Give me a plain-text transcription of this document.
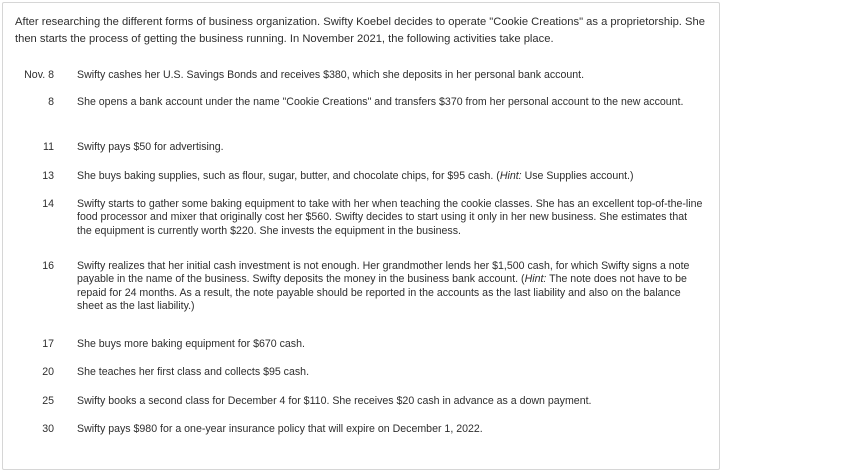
After researching the different forms of business organization. Swifty Koebel decides to operate "Cookie Creations" as a proprietorship. She then starts the process of getting the business running. In November 2021, the following activities take place.

Nov. 8 Swifty cashes her U.S. Savings Bonds and receives $380, which she deposits in her personal bank account.
8 She opens a bank account under the name "Cookie Creations" and transfers $370 from her personal account to the new account.
11 Swifty pays $50 for advertising.
13 She buys baking supplies, such as flour, sugar, butter, and chocolate chips, for $95 cash. (Hint: Use Supplies account.)
14 Swifty starts to gather some baking equipment to take with her when teaching the cookie classes. She has an excellent top-of-the-line food processor and mixer that originally cost her $560. Swifty decides to start using it only in her new business. She estimates that the equipment is currently worth $220. She invests the equipment in the business.
16 Swifty realizes that her initial cash investment is not enough. Her grandmother lends her $1,500 cash, for which Swifty signs a note payable in the name of the business. Swifty deposits the money in the business bank account. (Hint: The note does not have to be repaid for 24 months. As a result, the note payable should be reported in the accounts as the last liability and also on the balance sheet as the last liability.)
17 She buys more baking equipment for $670 cash.
20 She teaches her first class and collects $95 cash.
25 Swifty books a second class for December 4 for $110. She receives $20 cash in advance as a down payment.
30 Swifty pays $980 for a one-year insurance policy that will expire on December 1, 2022.
